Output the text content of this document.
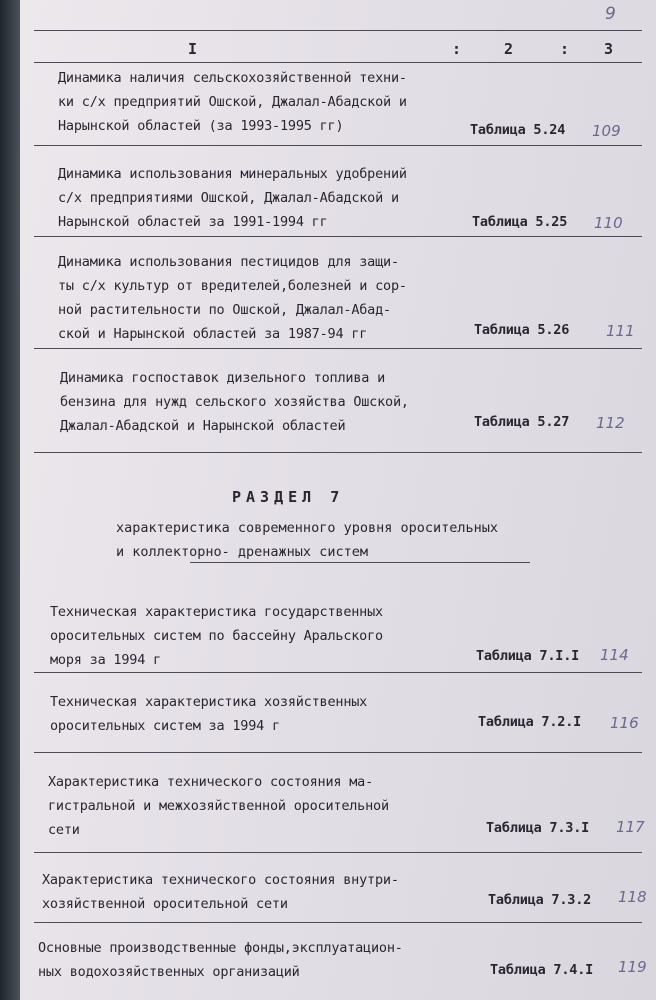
9
I	:	2	: 3
Динамика наличия сельскохозяйственной техни-
ки с/х предприятий Ошской, Джалал-Абадской и
Нарынской областей (за 1993-1995 гг)	Таблица 5.24 109
Динамика использования минеральных удобрений
с/х предприятиями Ошской, Джалал-Абадской и
Нарынской областей за 1991-1994 гг	Таблица 5.25 110
Динамика использования пестицидов для защи-
ты с/х культур от вредителей,болезней и сор-
ной растительности по Ошской, Джалал-Абад-
ской и Нарынской областей за 1987-94 гг	Таблица 5.26 111
Динамика госпоставок дизельного топлива и
бензина для нужд сельского хозяйства Ошской,
Джалал-Абадской и Нарынской областей	Таблица 5.27 112
РАЗДЕЛ 7
характеристика современного уровня оросительных
и коллекторно- дренажных систем
Техническая характеристика государственных
оросительных систем по бассейну Аральского
моря за 1994 г	Таблица 7.I.I 114
Техническая характеристика хозяйственных
оросительных систем за 1994 г	Таблица 7.2.I 116
Характеристика технического состояния ма-
гистральной и межхозяйственной оросительной
сети	Таблица 7.3.I 117
Характеристика технического состояния внутри-
хозяйственной оросительной сети	Таблица 7.3.2 118
Основные производственные фонды,эксплуатацион-
ных водохозяйственных организаций	Таблица 7.4.I 119
